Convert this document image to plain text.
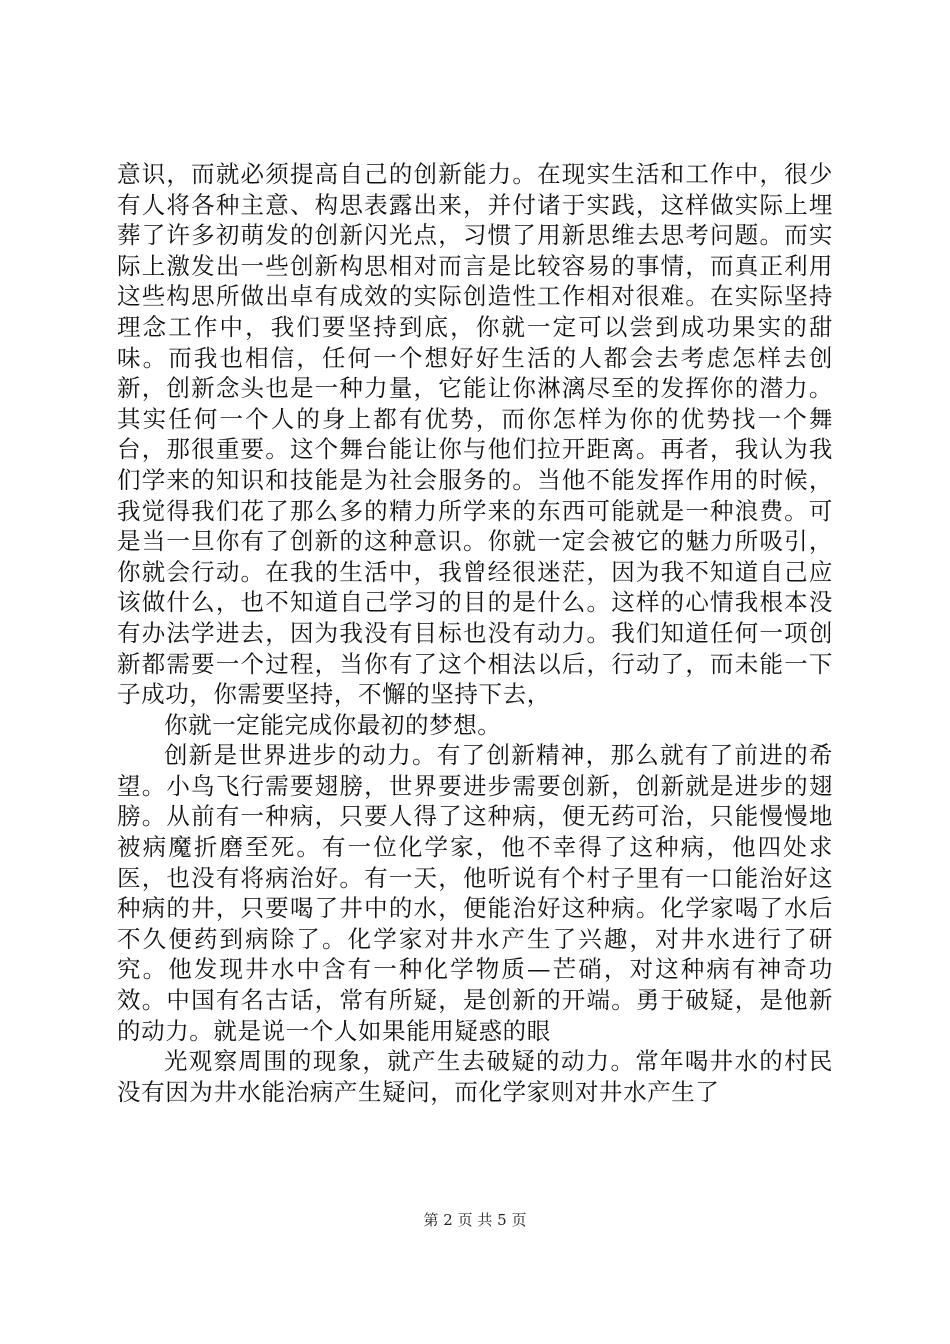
意识，而就必须提高自己的创新能力。在现实生活和工作中，很少有人将各种主意、构思表露出来，并付诸于实践，这样做实际上埋葬了许多初萌发的创新闪光点，习惯了用新思维去思考问题。而实际上激发出一些创新构思相对而言是比较容易的事情，而真正利用这些构思所做出卓有成效的实际创造性工作相对很难。在实际坚持理念工作中，我们要坚持到底，你就一定可以尝到成功果实的甜味。而我也相信，任何一个想好好生活的人都会去考虑怎样去创新，创新念头也是一种力量，它能让你淋漓尽至的发挥你的潜力。其实任何一个人的身上都有优势，而你怎样为你的优势找一个舞台，那很重要。这个舞台能让你与他们拉开距离。再者，我认为我们学来的知识和技能是为社会服务的。当他不能发挥作用的时候，我觉得我们花了那么多的精力所学来的东西可能就是一种浪费。可是当一旦你有了创新的这种意识。你就一定会被它的魅力所吸引，你就会行动。在我的生活中，我曾经很迷茫，因为我不知道自己应该做什么，也不知道自己学习的目的是什么。这样的心情我根本没有办法学进去，因为我没有目标也没有动力。我们知道任何一项创新都需要一个过程，当你有了这个相法以后，行动了，而未能一下子成功，你需要坚持，不懈的坚持下去，

你就一定能完成你最初的梦想。

创新是世界进步的动力。有了创新精神，那么就有了前进的希望。小鸟飞行需要翅膀，世界要进步需要创新，创新就是进步的翅膀。从前有一种病，只要人得了这种病，便无药可治，只能慢慢地被病魔折磨至死。有一位化学家，他不幸得了这种病，他四处求医，也没有将病治好。有一天，他听说有个村子里有一口能治好这种病的井，只要喝了井中的水，便能治好这种病。化学家喝了水后不久便药到病除了。化学家对井水产生了兴趣，对井水进行了研究。他发现井水中含有一种化学物质—芒硝，对这种病有神奇功效。中国有名古话，常有所疑，是创新的开端。勇于破疑，是他新的动力。就是说一个人如果能用疑惑的眼

光观察周围的现象，就产生去破疑的动力。常年喝井水的村民没有因为井水能治病产生疑问，而化学家则对井水产生了

第 2 页 共 5 页
